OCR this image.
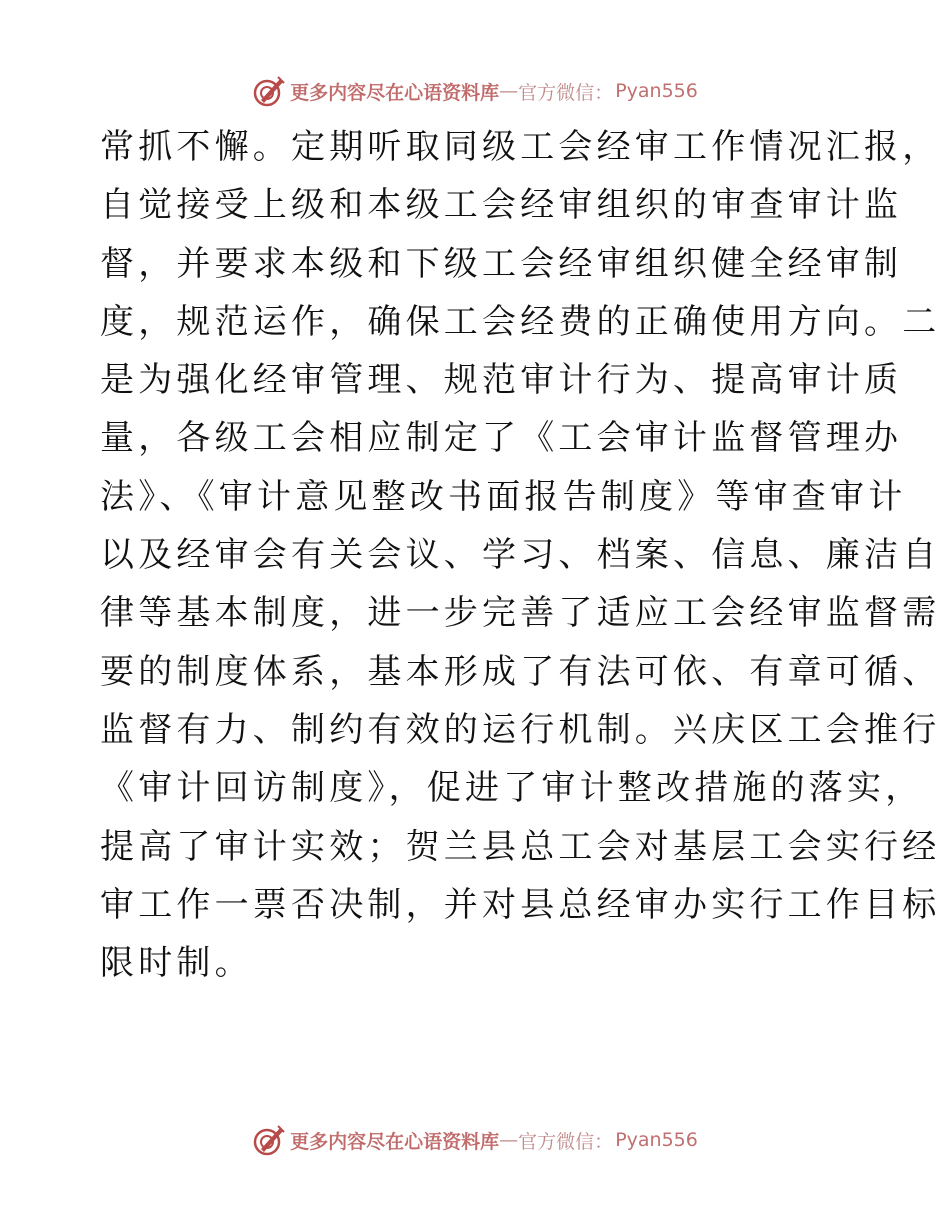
更多内容尽在心语资料库 — 官方微信： Pyan556
常抓不懈。定期听取同级工会经审工作情况汇报，
自觉接受上级和本级工会经审组织的审查审计监
督，并要求本级和下级工会经审组织健全经审制
度，规范运作，确保工会经费的正确使用方向。二
是为强化经审管理、规范审计行为、提高审计质
量，各级工会相应制定了《工会审计监督管理办
法》、《审计意见整改书面报告制度》等审查审计
以及经审会有关会议、学习、档案、信息、廉洁自
律等基本制度，进一步完善了适应工会经审监督需
要的制度体系，基本形成了有法可依、有章可循、
监督有力、制约有效的运行机制。兴庆区工会推行
《审计回访制度》，促进了审计整改措施的落实，
提高了审计实效；贺兰县总工会对基层工会实行经
审工作一票否决制，并对县总经审办实行工作目标
限时制。
更多内容尽在心语资料库 — 官方微信： Pyan556
